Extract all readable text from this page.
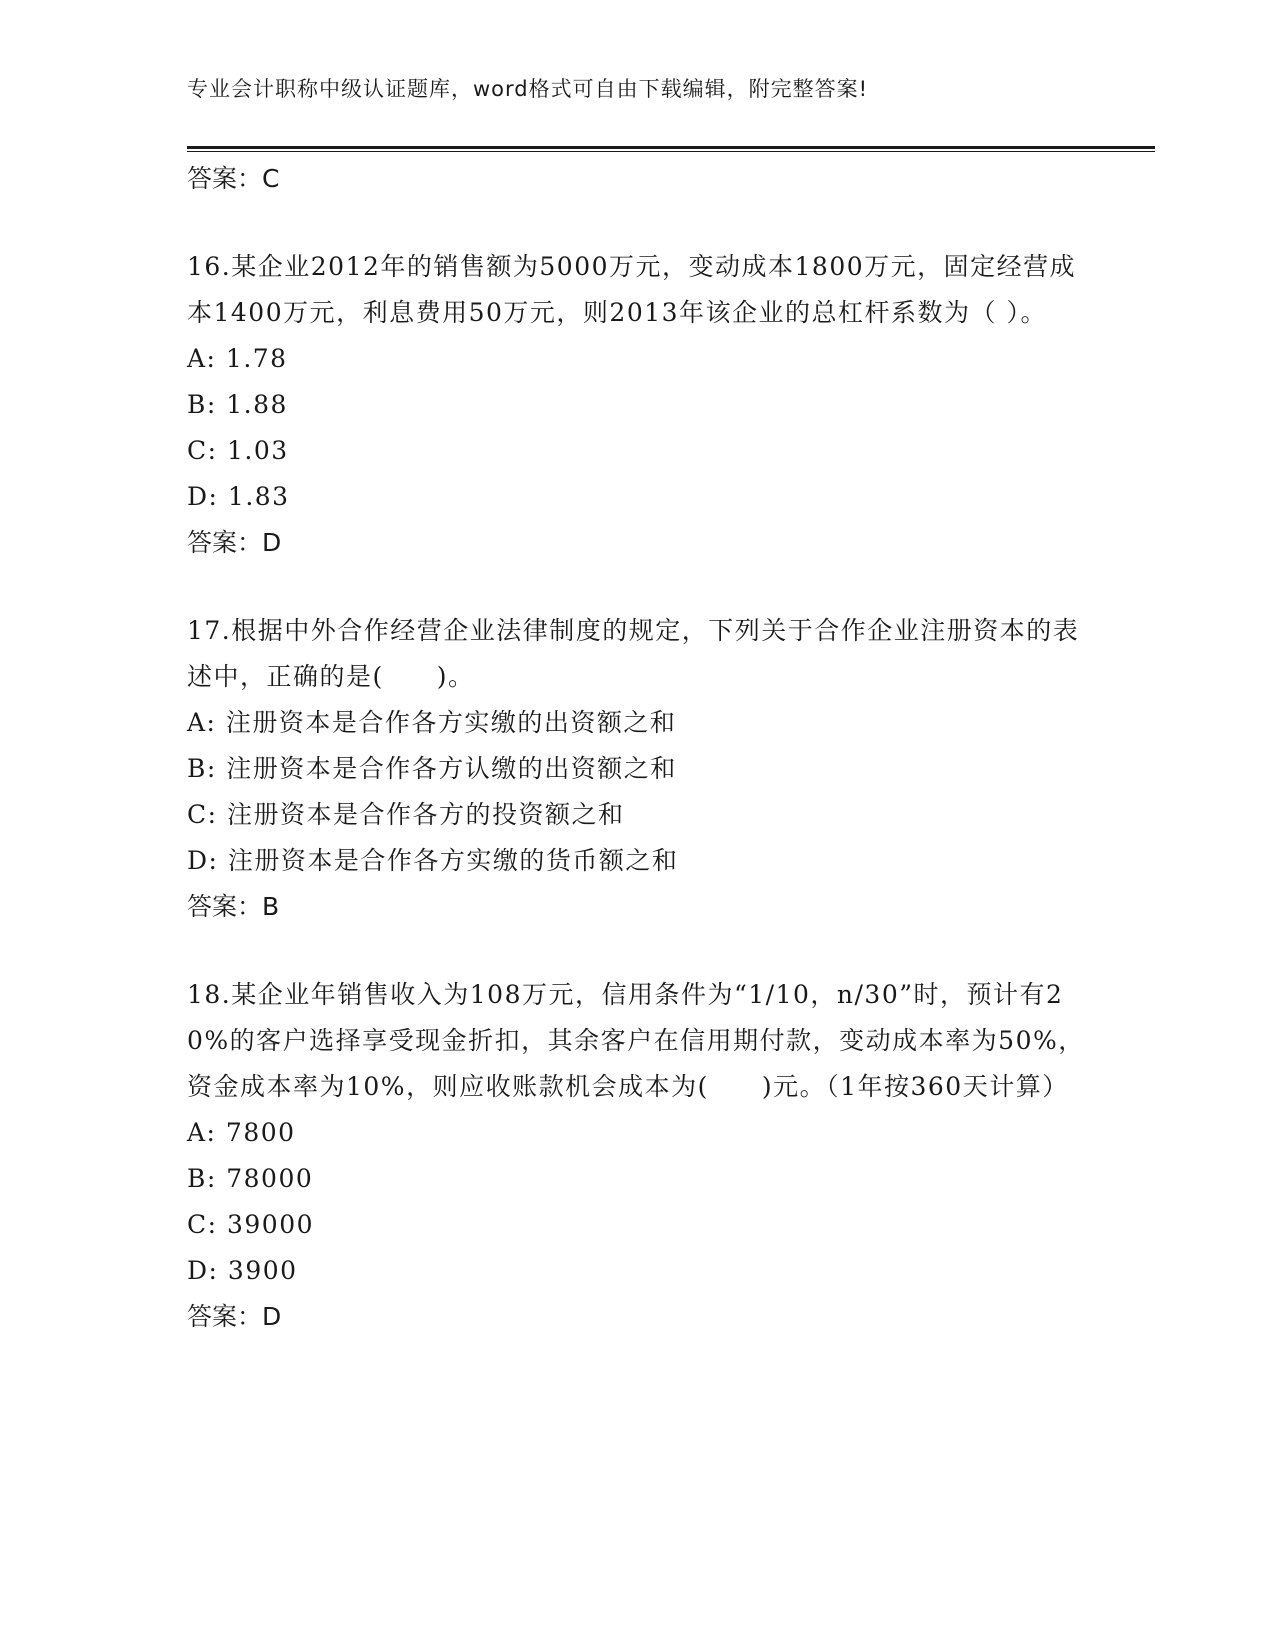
专业会计职称中级认证题库，word格式可自由下载编辑，附完整答案!
答案：C
16.某企业2012年的销售额为5000万元，变动成本1800万元，固定经营成本1400万元，利息费用50万元，则2013年该企业的总杠杆系数为（ ）。
A: 1.78
B: 1.88
C: 1.03
D: 1.83
答案：D
17.根据中外合作经营企业法律制度的规定，下列关于合作企业注册资本的表述中，正确的是(　　)。
A: 注册资本是合作各方实缴的出资额之和
B: 注册资本是合作各方认缴的出资额之和
C: 注册资本是合作各方的投资额之和
D: 注册资本是合作各方实缴的货币额之和
答案：B
18.某企业年销售收入为108万元，信用条件为“1/10，n/30”时，预计有20%的客户选择享受现金折扣，其余客户在信用期付款，变动成本率为50%，资金成本率为10%，则应收账款机会成本为(　　)元。（1年按360天计算）
A: 7800
B: 78000
C: 39000
D: 3900
答案：D
